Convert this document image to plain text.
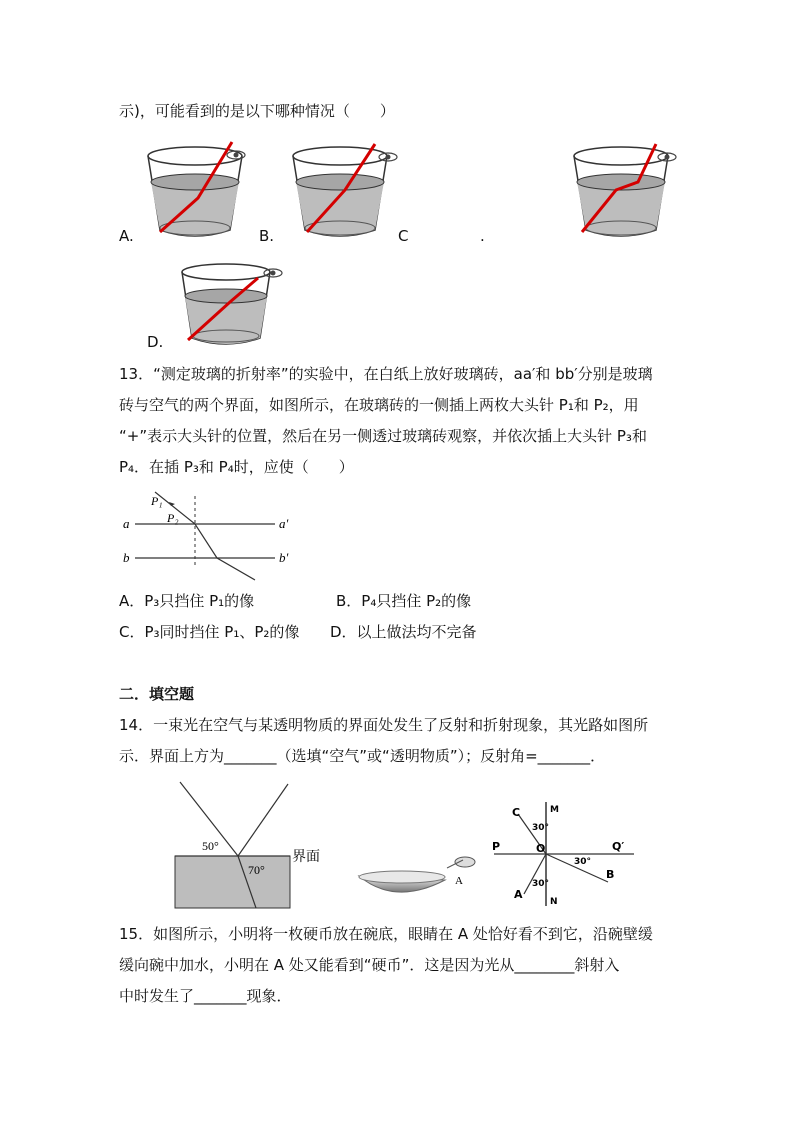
示)，可能看到的是以下哪种情况（　　）
A.	B.	C	.
D.
13．“测定玻璃的折射率”的实验中，在白纸上放好玻璃砖，aa′和 bb′分别是玻璃
砖与空气的两个界面，如图所示，在玻璃砖的一侧插上两枚大头针 P₁和 P₂，用
“+”表示大头针的位置，然后在另一侧透过玻璃砖观察，并依次插上大头针 P₃和
P₄．在插 P₃和 P₄时，应使（　　）
P₁
P₂
a	a′
b	b′
A．P₃只挡住 P₁的像	B．P₄只挡住 P₂的像
C．P₃同时挡住 P₁、P₂的像 D．以上做法均不完备
二．填空题
14．一束光在空气与某透明物质的界面处发生了反射和折射现象，其光路如图所
示．界面上方为_______（选填“空气”或“透明物质”）；反射角=_______．
50°
70°
界面
A
C	M
30°
P	O	Q′
30°
B
30°
A
N
15．如图所示，小明将一枚硬币放在碗底，眼睛在 A 处恰好看不到它，沿碗壁缓
缓向碗中加水，小明在 A 处又能看到“硬币”．这是因为光从________斜射入
中时发生了_______现象．
